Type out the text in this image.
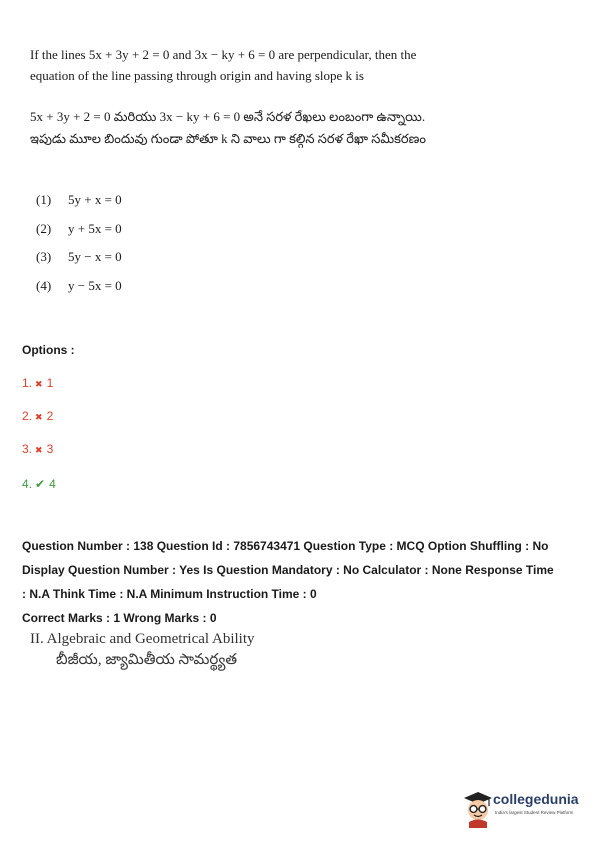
If the lines 5x + 3y + 2 = 0 and 3x − ky + 6 = 0 are perpendicular, then the equation of the line passing through origin and having slope k is
5x + 3y + 2 = 0 మరియు 3x − ky + 6 = 0 అనే సరళ రేఖలు లంబంగా ఉన్నాయి. ఇపుడు మూల బిందువు గుండా పోతూ k ని వాలు గా కల్గిన సరళ రేఖా సమీకరణం
(1) 5y + x = 0
(2) y + 5x = 0
(3) 5y − x = 0
(4) y − 5x = 0
Options :
1. ✖ 1
2. ✖ 2
3. ✖ 3
4. ✔ 4
Question Number : 138 Question Id : 7856743471 Question Type : MCQ Option Shuffling : No
Display Question Number : Yes Is Question Mandatory : No Calculator : None Response Time
: N.A Think Time : N.A Minimum Instruction Time : 0
Correct Marks : 1 Wrong Marks : 0
II. Algebraic and Geometrical Ability
బీజీయ, జ్యామితీయ సామర్థ్యత
collegedunia
India's largest Student Review Platform
